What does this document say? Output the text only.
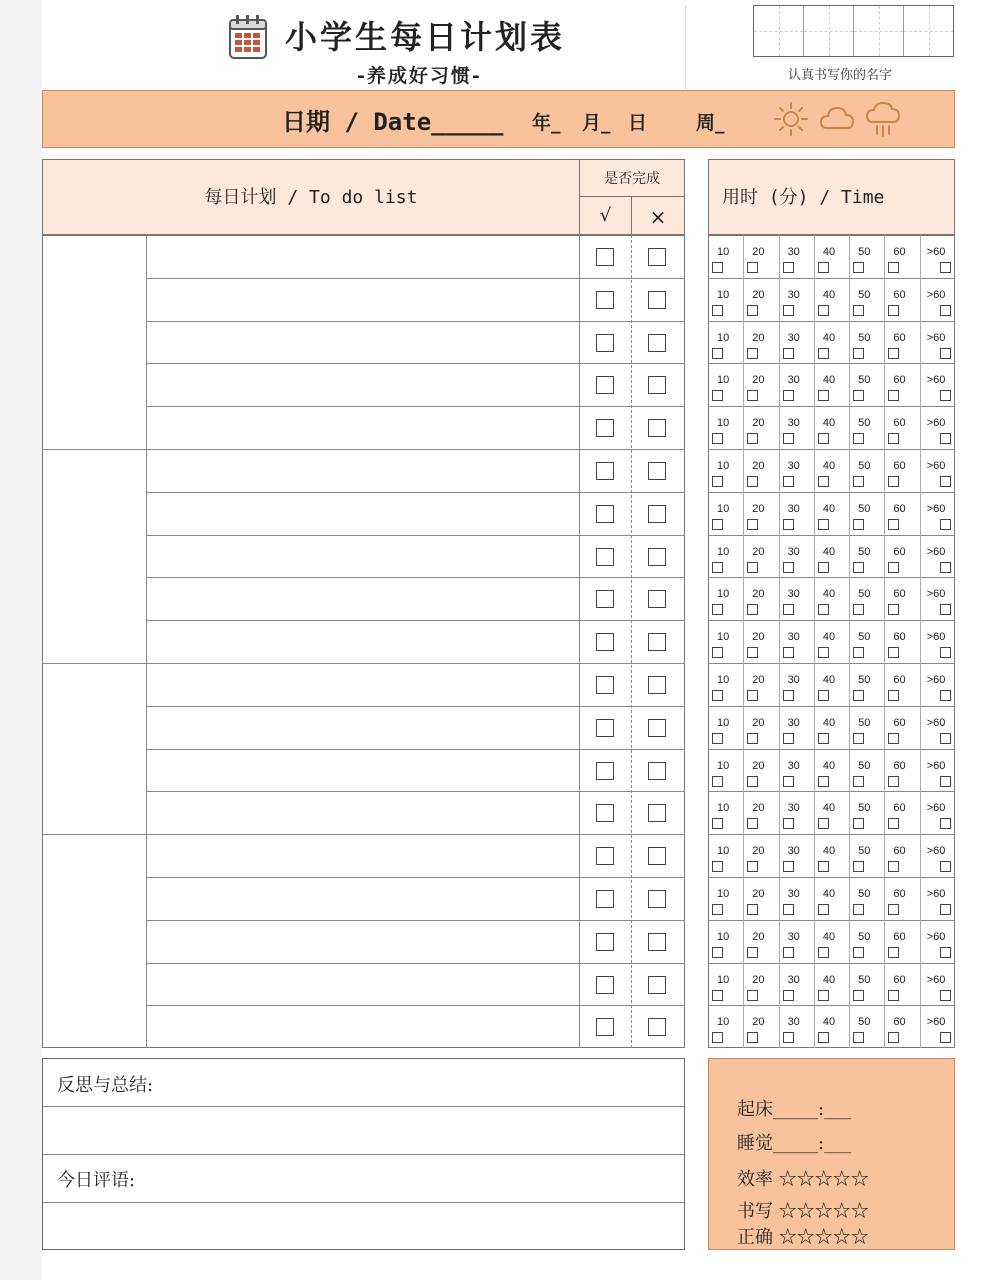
小学生每日计划表
-养成好习惯-	认真书写你的名字
日期 / Date_____ 年_ 月_ 日	周_
每日计划 / To do list
是否完成
√	×
用时 (分) / Time
10 20 30 40 50 60 >60
10 20 30 40 50 60 >60
10 20 30 40 50 60 >60
10 20 30 40 50 60 >60
10 20 30 40 50 60 >60
10 20 30 40 50 60 >60
10 20 30 40 50 60 >60
10 20 30 40 50 60 >60
10 20 30 40 50 60 >60
10 20 30 40 50 60 >60
10 20 30 40 50 60 >60
10 20 30 40 50 60 >60
10 20 30 40 50 60 >60
10 20 30 40 50 60 >60
10 20 30 40 50 60 >60
10 20 30 40 50 60 >60
10 20 30 40 50 60 >60
10 20 30 40 50 60 >60
10 20 30 40 50 60 >60
反思与总结:
今日评语:
起床_____:___
睡觉_____:___
效率 ☆☆☆☆☆
书写 ☆☆☆☆☆
正确 ☆☆☆☆☆
